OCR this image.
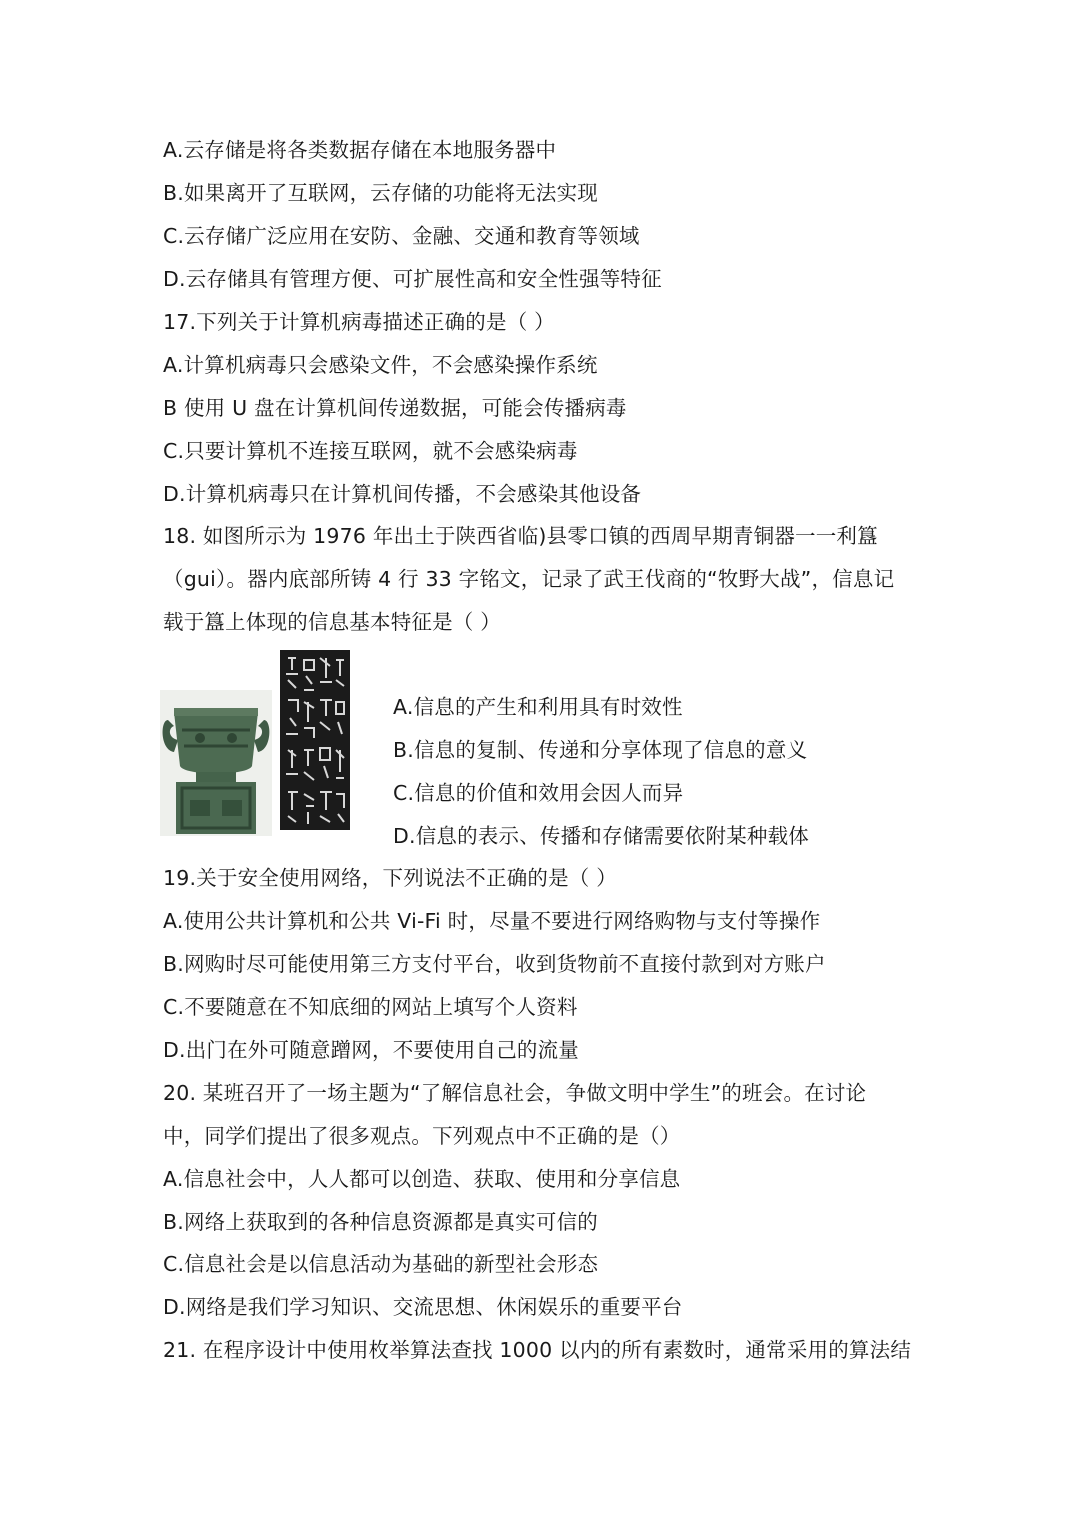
A.云存储是将各类数据存储在本地服务器中
B.如果离开了互联网，云存储的功能将无法实现
C.云存储广泛应用在安防、金融、交通和教育等领域
D.云存储具有管理方便、可扩展性高和安全性强等特征
17.下列关于计算机病毒描述正确的是（ ）
A.计算机病毒只会感染文件，不会感染操作系统
B 使用 U 盘在计算机间传递数据，可能会传播病毒
C.只要计算机不连接互联网，就不会感染病毒
D.计算机病毒只在计算机间传播，不会感染其他设备
18. 如图所示为 1976 年出土于陕西省临)县零口镇的西周早期青铜器一一利簋
（gui）。器内底部所铸 4 行 33 字铭文，记录了武王伐商的“牧野大战”，信息记
载于簋上体现的信息基本特征是（ ）
A.信息的产生和利用具有时效性
B.信息的复制、传递和分享体现了信息的意义
C.信息的价值和效用会因人而异
D.信息的表示、传播和存储需要依附某种载体
19.关于安全使用网络，下列说法不正确的是（ ）
A.使用公共计算机和公共 Vi-Fi 时，尽量不要进行网络购物与支付等操作
B.网购时尽可能使用第三方支付平台，收到货物前不直接付款到对方账户
C.不要随意在不知底细的网站上填写个人资料
D.出门在外可随意蹭网，不要使用自己的流量
20. 某班召开了一场主题为“了解信息社会，争做文明中学生”的班会。在讨论
中，同学们提出了很多观点。下列观点中不正确的是（）
A.信息社会中，人人都可以创造、获取、使用和分享信息
B.网络上获取到的各种信息资源都是真实可信的
C.信息社会是以信息活动为基础的新型社会形态
D.网络是我们学习知识、交流思想、休闲娱乐的重要平台
21. 在程序设计中使用枚举算法查找 1000 以内的所有素数时，通常采用的算法结
